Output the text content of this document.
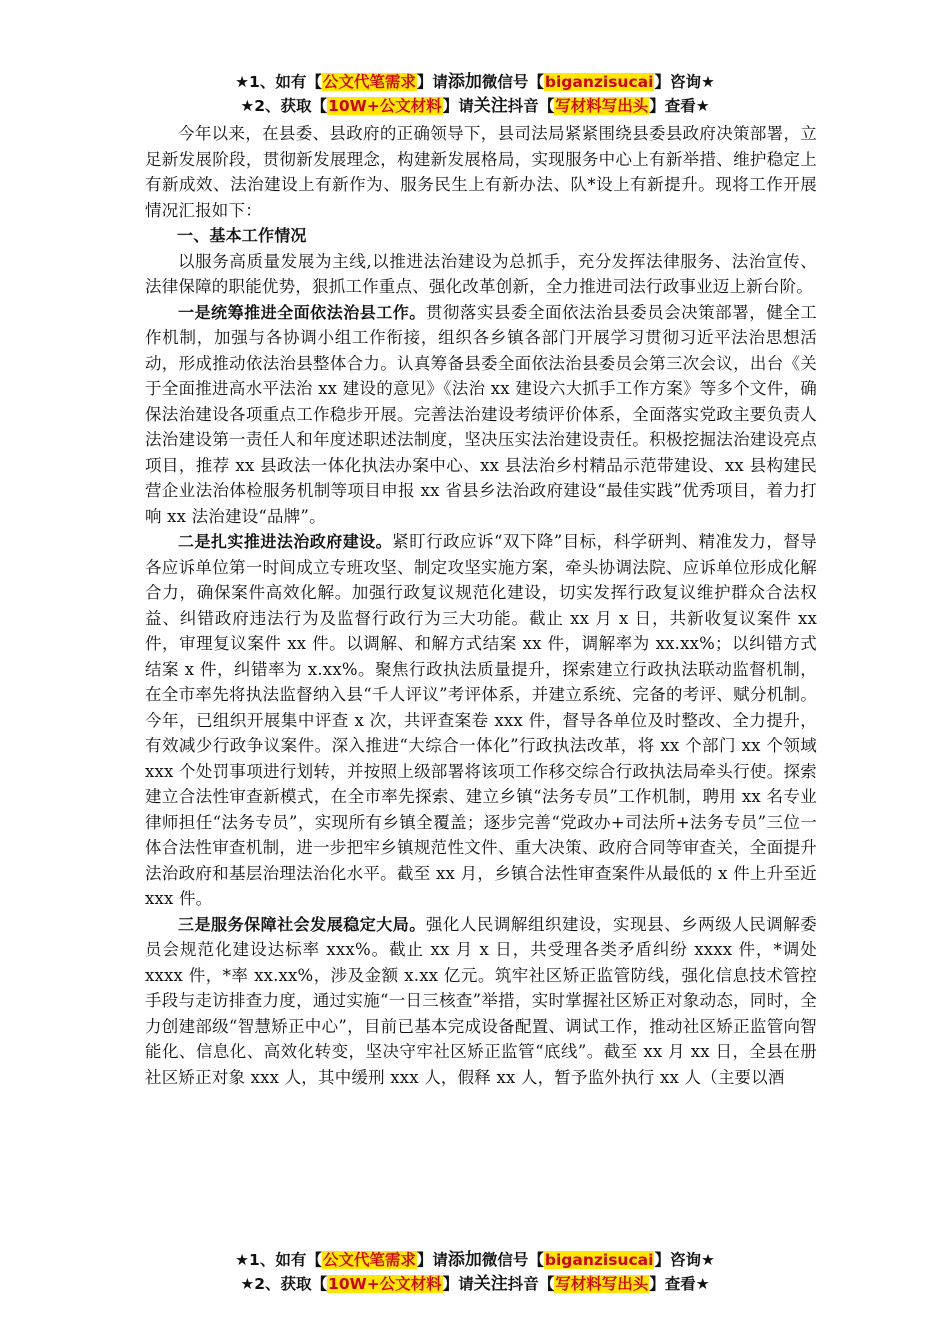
★1、如有【公文代笔需求】请添加微信号【biganzisucai】咨询★
★2、获取【10W+公文材料】请关注抖音【写材料写出头】查看★

今年以来，在县委、县政府的正确领导下，县司法局紧紧围绕县委县政府决策部署，立足新发展阶段，贯彻新发展理念，构建新发展格局，实现服务中心上有新举措、维护稳定上有新成效、法治建设上有新作为、服务民生上有新办法、队*设上有新提升。现将工作开展情况汇报如下：

一、基本工作情况

以服务高质量发展为主线,以推进法治建设为总抓手，充分发挥法律服务、法治宣传、法律保障的职能优势，狠抓工作重点、强化改革创新，全力推进司法行政事业迈上新台阶。

一是统筹推进全面依法治县工作。贯彻落实县委全面依法治县委员会决策部署，健全工作机制，加强与各协调小组工作衔接，组织各乡镇各部门开展学习贯彻习近平法治思想活动，形成推动依法治县整体合力。认真筹备县委全面依法治县委员会第三次会议，出台《关于全面推进高水平法治 xx 建设的意见》《法治 xx 建设六大抓手工作方案》等多个文件，确保法治建设各项重点工作稳步开展。完善法治建设考绩评价体系，全面落实党政主要负责人法治建设第一责任人和年度述职述法制度，坚决压实法治建设责任。积极挖掘法治建设亮点项目，推荐 xx 县政法一体化执法办案中心、xx 县法治乡村精品示范带建设、xx 县构建民营企业法治体检服务机制等项目申报 xx 省县乡法治政府建设“最佳实践”优秀项目，着力打响 xx 法治建设“品牌”。

二是扎实推进法治政府建设。紧盯行政应诉“双下降”目标，科学研判、精准发力，督导各应诉单位第一时间成立专班攻坚、制定攻坚实施方案，牵头协调法院、应诉单位形成化解合力，确保案件高效化解。加强行政复议规范化建设，切实发挥行政复议维护群众合法权益、纠错政府违法行为及监督行政行为三大功能。截止 xx 月 x 日，共新收复议案件 xx 件，审理复议案件 xx 件。以调解、和解方式结案 xx 件，调解率为 xx.xx%；以纠错方式结案 x 件，纠错率为 x.xx%。聚焦行政执法质量提升，探索建立行政执法联动监督机制，在全市率先将执法监督纳入县“千人评议”考评体系，并建立系统、完备的考评、赋分机制。今年，已组织开展集中评查 x 次，共评查案卷 xxx 件，督导各单位及时整改、全力提升，有效减少行政争议案件。深入推进“大综合一体化”行政执法改革，将 xx 个部门 xx 个领域 xxx 个处罚事项进行划转，并按照上级部署将该项工作移交综合行政执法局牵头行使。探索建立合法性审查新模式，在全市率先探索、建立乡镇“法务专员”工作机制，聘用 xx 名专业律师担任“法务专员”，实现所有乡镇全覆盖；逐步完善“党政办+司法所+法务专员”三位一体合法性审查机制，进一步把牢乡镇规范性文件、重大决策、政府合同等审查关，全面提升法治政府和基层治理法治化水平。截至 xx 月，乡镇合法性审查案件从最低的 x 件上升至近 xxx 件。

三是服务保障社会发展稳定大局。强化人民调解组织建设，实现县、乡两级人民调解委员会规范化建设达标率 xxx%。截止 xx 月 x 日，共受理各类矛盾纠纷 xxxx 件，*调处 xxxx 件，*率 xx.xx%，涉及金额 x.xx 亿元。筑牢社区矫正监管防线，强化信息技术管控手段与走访排查力度，通过实施“一日三核查”举措，实时掌握社区矫正对象动态，同时，全力创建部级“智慧矫正中心”，目前已基本完成设备配置、调试工作，推动社区矫正监管向智能化、信息化、高效化转变，坚决守牢社区矫正监管“底线”。截至 xx 月 xx 日，全县在册社区矫正对象 xxx 人，其中缓刑 xxx 人，假释 xx 人，暂予监外执行 xx 人（主要以酒

★1、如有【公文代笔需求】请添加微信号【biganzisucai】咨询★
★2、获取【10W+公文材料】请关注抖音【写材料写出头】查看★
